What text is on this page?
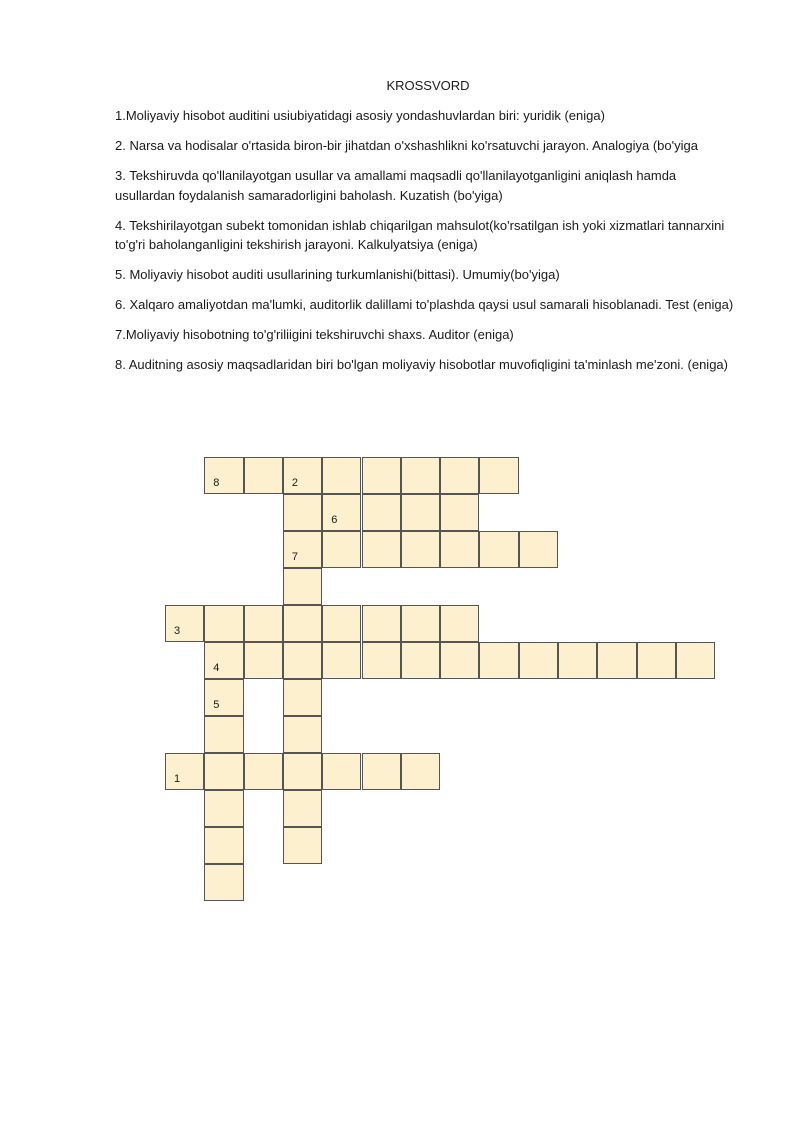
KROSSVORD

1.Moliyaviy hisobot auditini usiubiyatidagi asosiy yondashuvlardan biri: yuridik (eniga)

2. Narsa va hodisalar o'rtasida biron-bir jihatdan o'xshashlikni ko'rsatuvchi jarayon. Analogiya (bo'yiga

3. Tekshiruvda qo'llanilayotgan usullar va amallami maqsadli qo'llanilayotganligini aniqlash hamda usullardan foydalanish samaradorligini baholash. Kuzatish (bo'yiga)

4. Tekshirilayotgan subekt tomonidan ishlab chiqarilgan mahsulot(ko'rsatilgan ish yoki xizmatlari tannarxini to'g'ri baholanganligini tekshirish jarayoni. Kalkulyatsiya (eniga)

5. Moliyaviy hisobot auditi usullarining turkumlanishi(bittasi). Umumiy(bo'yiga)

6. Xalqaro amaliyotdan ma'lumki, auditorlik dalillami to'plashda qaysi usul samarali hisoblanadi. Test (eniga)

7.Moliyaviy hisobotning to'g'riliigini tekshiruvchi shaxs. Auditor (eniga)

8. Auditning asosiy maqsadlaridan biri bo'lgan moliyaviy hisobotlar muvofiqligini ta'minlash me'zoni. (eniga)

8	2
6
7
3
4
5
1
